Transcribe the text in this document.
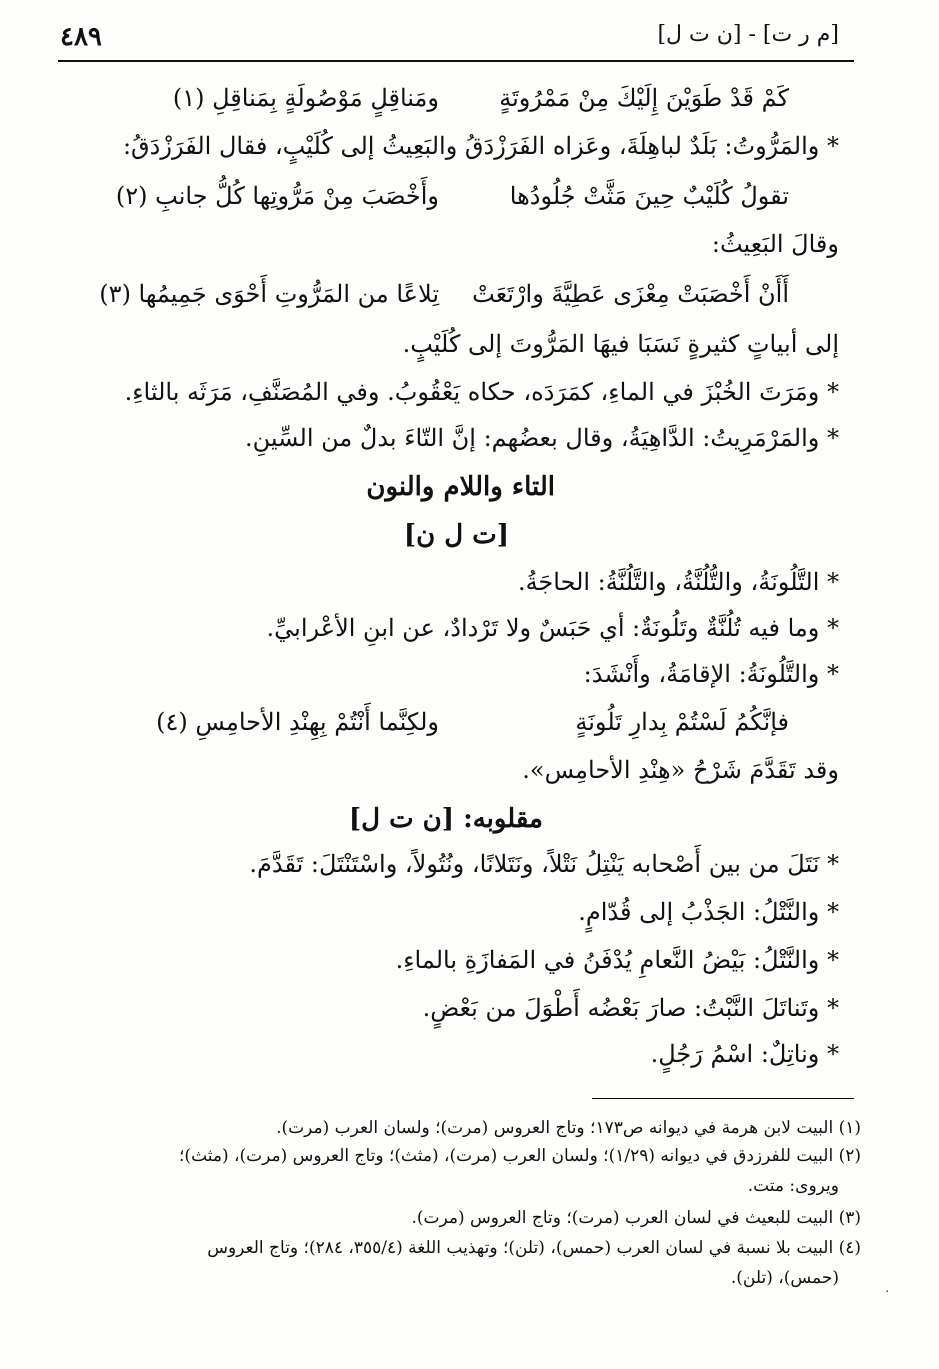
[م ر ت] - [ن ت ل]
٤٨٩
كَمْ قَدْ طَوَيْنَ إِلَيْكَ مِنْ مَمْرُوتَةٍ
ومَناقِلٍ مَوْصُولَةٍ بِمَناقِلِ (١)
* والمَرُّوتُ: بَلَدٌ لباهِلَةَ، وعَزاه الفَرَزْدَقُ والبَعِيثُ إلى كُلَيْبٍ، فقال الفَرَزْدَقُ:
تقولُ كُلَيْبٌ حِينَ مَثَّتْ جُلُودُها
وأَخْصَبَ مِنْ مَرُّوتِها كُلُّ جانبِ (٢)
وقالَ البَعِيثُ:
أَأَنْ أَخْصَبَتْ مِعْزَى عَطِيَّةَ وارْتَعَتْ
تِلاعًا من المَرُّوتِ أَحْوَى جَمِيمُها (٣)
إلى أبياتٍ كثيرةٍ نَسَبَا فيهَا المَرُّوتَ إلى كُلَيْبٍ.
* ومَرَتَ الخُبْزَ في الماءِ، كمَرَدَه، حكاه يَعْقُوبُ. وفي المُصَنَّفِ، مَرَثَه بالثاءِ.
* والمَرْمَرِيتُ: الدَّاهِيَةُ، وقال بعضُهم: إنَّ التّاءَ بدلٌ من السِّينِ.
التاء واللام والنون
[ت ل ن]
* التَّلُونَةُ، والتُّلُنَّةُ، والتَّلُنَّةُ: الحاجَةُ.
* وما فيه تُلُنَّةٌ وتَلُونَةٌ: أي حَبَسٌ ولا تَرْدادٌ، عن ابنِ الأعْرابيِّ.
* والتَّلُونَةُ: الإقامَةُ، وأَنْشَدَ:
فإنَّكُمُ لَسْتُمْ بِدارِ تَلُونَةٍ
ولكِنَّما أَنْتُمْ بِهِنْدِ الأحامِسِ (٤)
وقد تَقَدَّمَ شَرْحُ «هِنْدِ الأحامِس».
مقلوبه: [ن ت ل]
* نَتَلَ من بين أَصْحابه يَنْتِلُ نَتْلاً، ونَتَلانًا، ونُتُولاً، واسْتَنْتَلَ: تَقَدَّمَ.
* والنَّتْلُ: الجَذْبُ إلى قُدّامٍ.
* والنَّتْلُ: بَيْضُ النَّعامِ يُدْفَنُ في المَفازَةِ بالماءِ.
* وتَناتَلَ النَّبْتُ: صارَ بَعْضُه أَطْوَلَ من بَعْضٍ.
* وناتِلٌ: اسْمُ رَجُلٍ.
(١) البيت لابن هرمة في ديوانه ص١٧٣؛ وتاج العروس (مرت)؛ ولسان العرب (مرت).
(٢) البيت للفرزدق في ديوانه (١/٢٩)؛ ولسان العرب (مرت)، (مثث)؛ وتاج العروس (مرت)، (مثث)؛
ويروى: متت.
(٣) البيت للبعيث في لسان العرب (مرت)؛ وتاج العروس (مرت).
(٤) البيت بلا نسبة في لسان العرب (حمس)، (تلن)؛ وتهذيب اللغة (٣٥٥/٤، ٢٨٤)؛ وتاج العروس
(حمس)، (تلن).
·
